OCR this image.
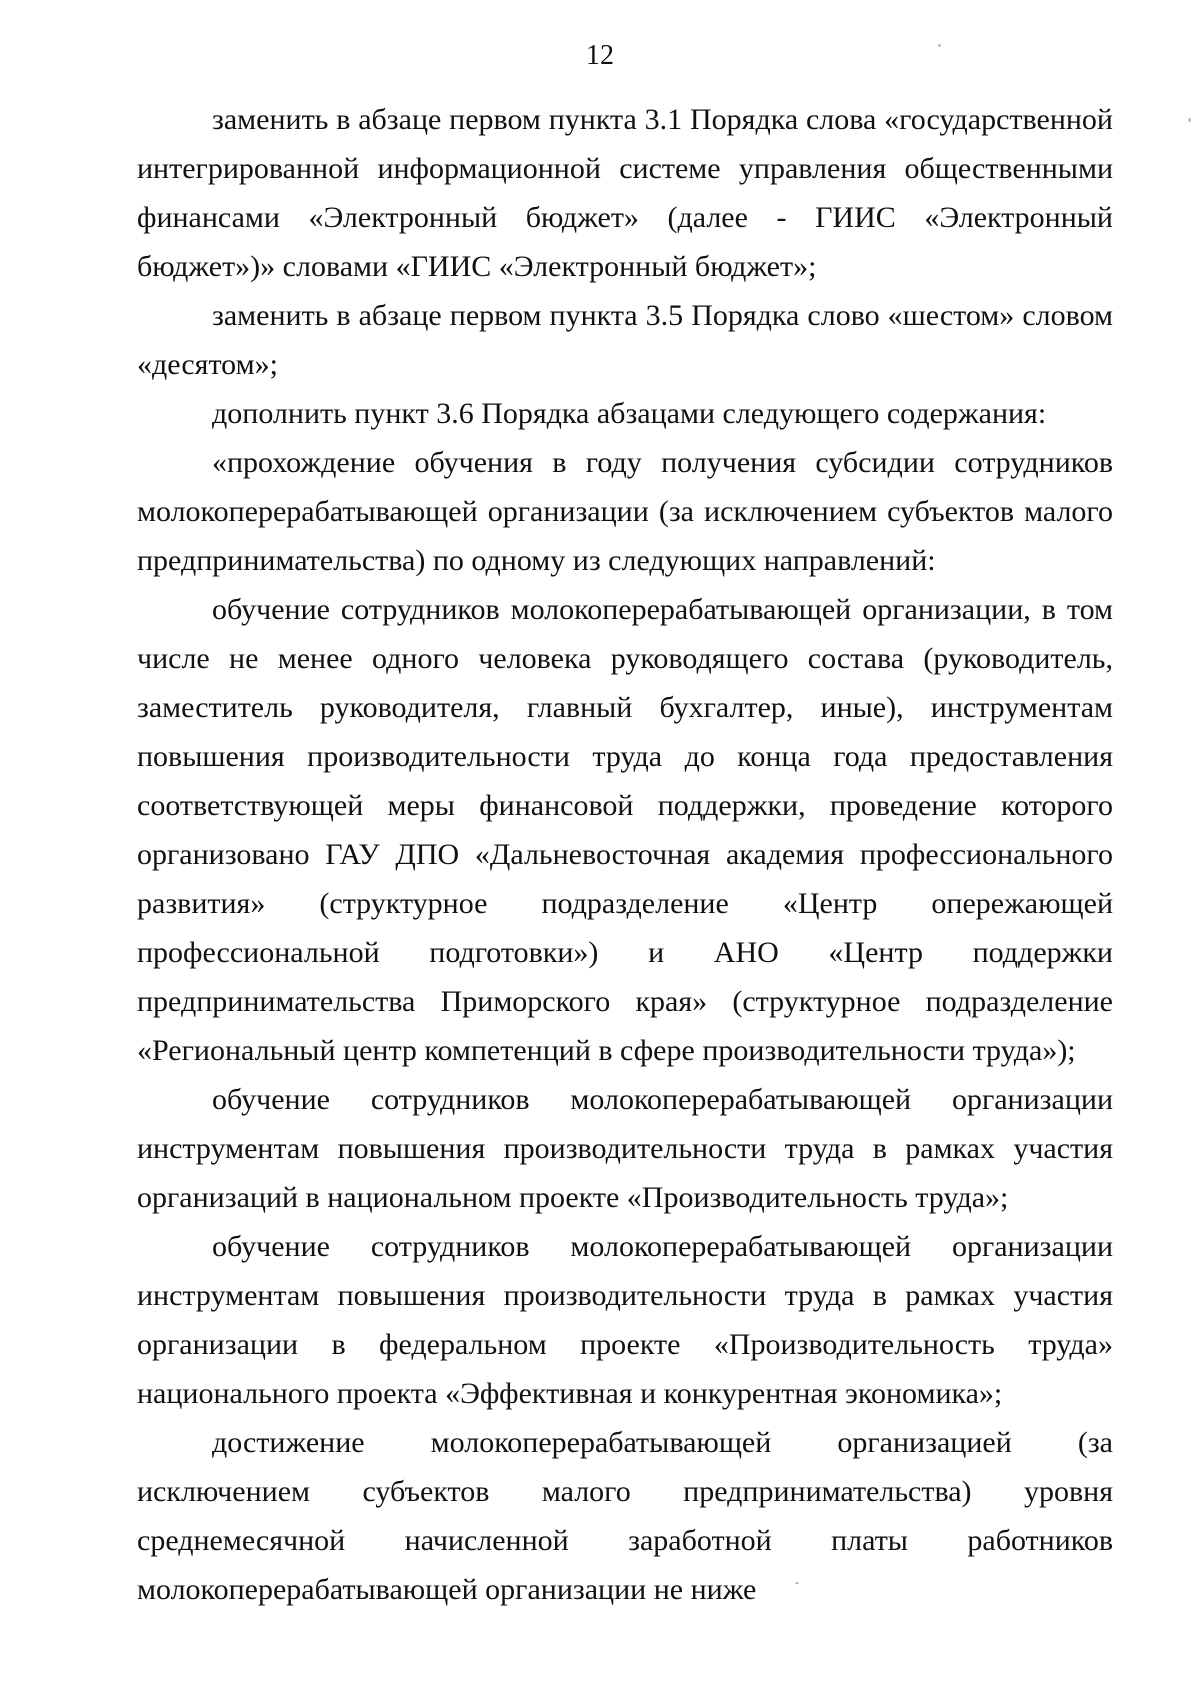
12

заменить в абзаце первом пункта 3.1 Порядка слова «государственной интегрированной информационной системе управления общественными финансами «Электронный бюджет» (далее - ГИИС «Электронный бюджет»)» словами «ГИИС «Электронный бюджет»;

заменить в абзаце первом пункта 3.5 Порядка слово «шестом» словом «десятом»;

дополнить пункт 3.6 Порядка абзацами следующего содержания:

«прохождение обучения в году получения субсидии сотрудников молокоперерабатывающей организации (за исключением субъектов малого предпринимательства) по одному из следующих направлений:

обучение сотрудников молокоперерабатывающей организации, в том числе не менее одного человека руководящего состава (руководитель, заместитель руководителя, главный бухгалтер, иные), инструментам повышения производительности труда до конца года предоставления соответствующей меры финансовой поддержки, проведение которого организовано ГАУ ДПО «Дальневосточная академия профессионального развития» (структурное подразделение «Центр опережающей профессиональной подготовки») и АНО «Центр поддержки предпринимательства Приморского края» (структурное подразделение «Региональный центр компетенций в сфере производительности труда»);

обучение сотрудников молокоперерабатывающей организации инструментам повышения производительности труда в рамках участия организаций в национальном проекте «Производительность труда»;

обучение сотрудников молокоперерабатывающей организации инструментам повышения производительности труда в рамках участия организации в федеральном проекте «Производительность труда» национального проекта «Эффективная и конкурентная экономика»;

достижение молокоперерабатывающей организацией (за исключением субъектов малого предпринимательства) уровня среднемесячной начисленной заработной платы работников молокоперерабатывающей организации не ниже
